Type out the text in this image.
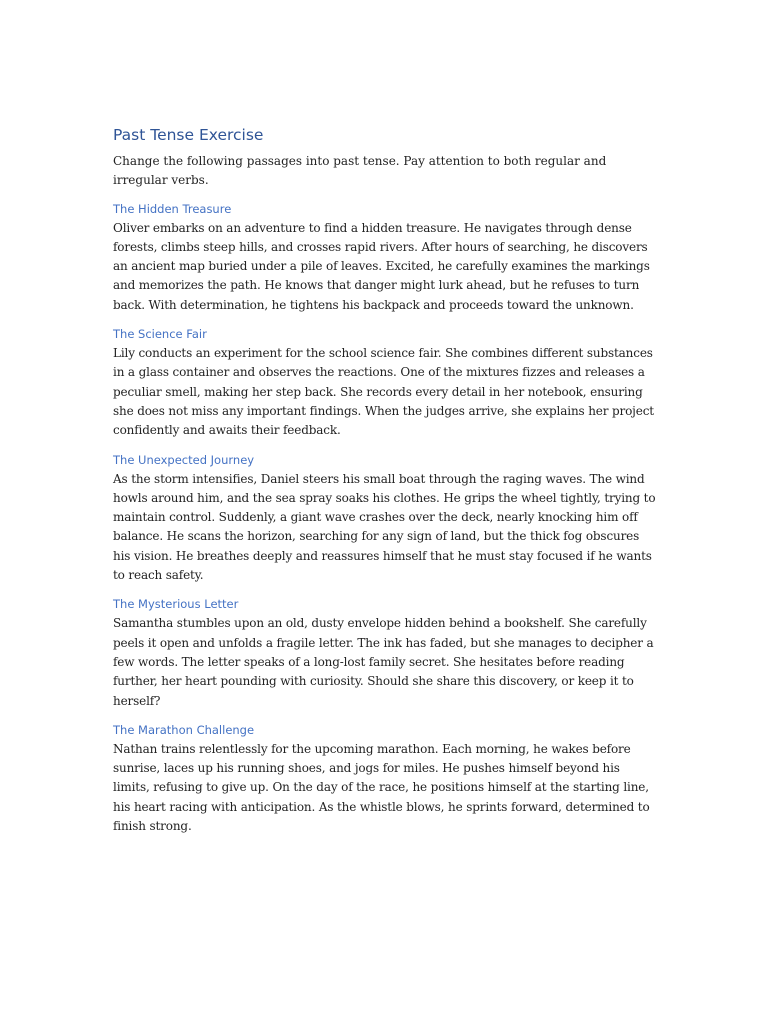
Past Tense Exercise

Change the following passages into past tense. Pay attention to both regular and irregular verbs.

The Hidden Treasure

Oliver embarks on an adventure to find a hidden treasure. He navigates through dense forests, climbs steep hills, and crosses rapid rivers. After hours of searching, he discovers an ancient map buried under a pile of leaves. Excited, he carefully examines the markings and memorizes the path. He knows that danger might lurk ahead, but he refuses to turn back. With determination, he tightens his backpack and proceeds toward the unknown.

The Science Fair

Lily conducts an experiment for the school science fair. She combines different substances in a glass container and observes the reactions. One of the mixtures fizzes and releases a peculiar smell, making her step back. She records every detail in her notebook, ensuring she does not miss any important findings. When the judges arrive, she explains her project confidently and awaits their feedback.

The Unexpected Journey

As the storm intensifies, Daniel steers his small boat through the raging waves. The wind howls around him, and the sea spray soaks his clothes. He grips the wheel tightly, trying to maintain control. Suddenly, a giant wave crashes over the deck, nearly knocking him off balance. He scans the horizon, searching for any sign of land, but the thick fog obscures his vision. He breathes deeply and reassures himself that he must stay focused if he wants to reach safety.

The Mysterious Letter

Samantha stumbles upon an old, dusty envelope hidden behind a bookshelf. She carefully peels it open and unfolds a fragile letter. The ink has faded, but she manages to decipher a few words. The letter speaks of a long-lost family secret. She hesitates before reading further, her heart pounding with curiosity. Should she share this discovery, or keep it to herself?

The Marathon Challenge

Nathan trains relentlessly for the upcoming marathon. Each morning, he wakes before sunrise, laces up his running shoes, and jogs for miles. He pushes himself beyond his limits, refusing to give up. On the day of the race, he positions himself at the starting line, his heart racing with anticipation. As the whistle blows, he sprints forward, determined to finish strong.
